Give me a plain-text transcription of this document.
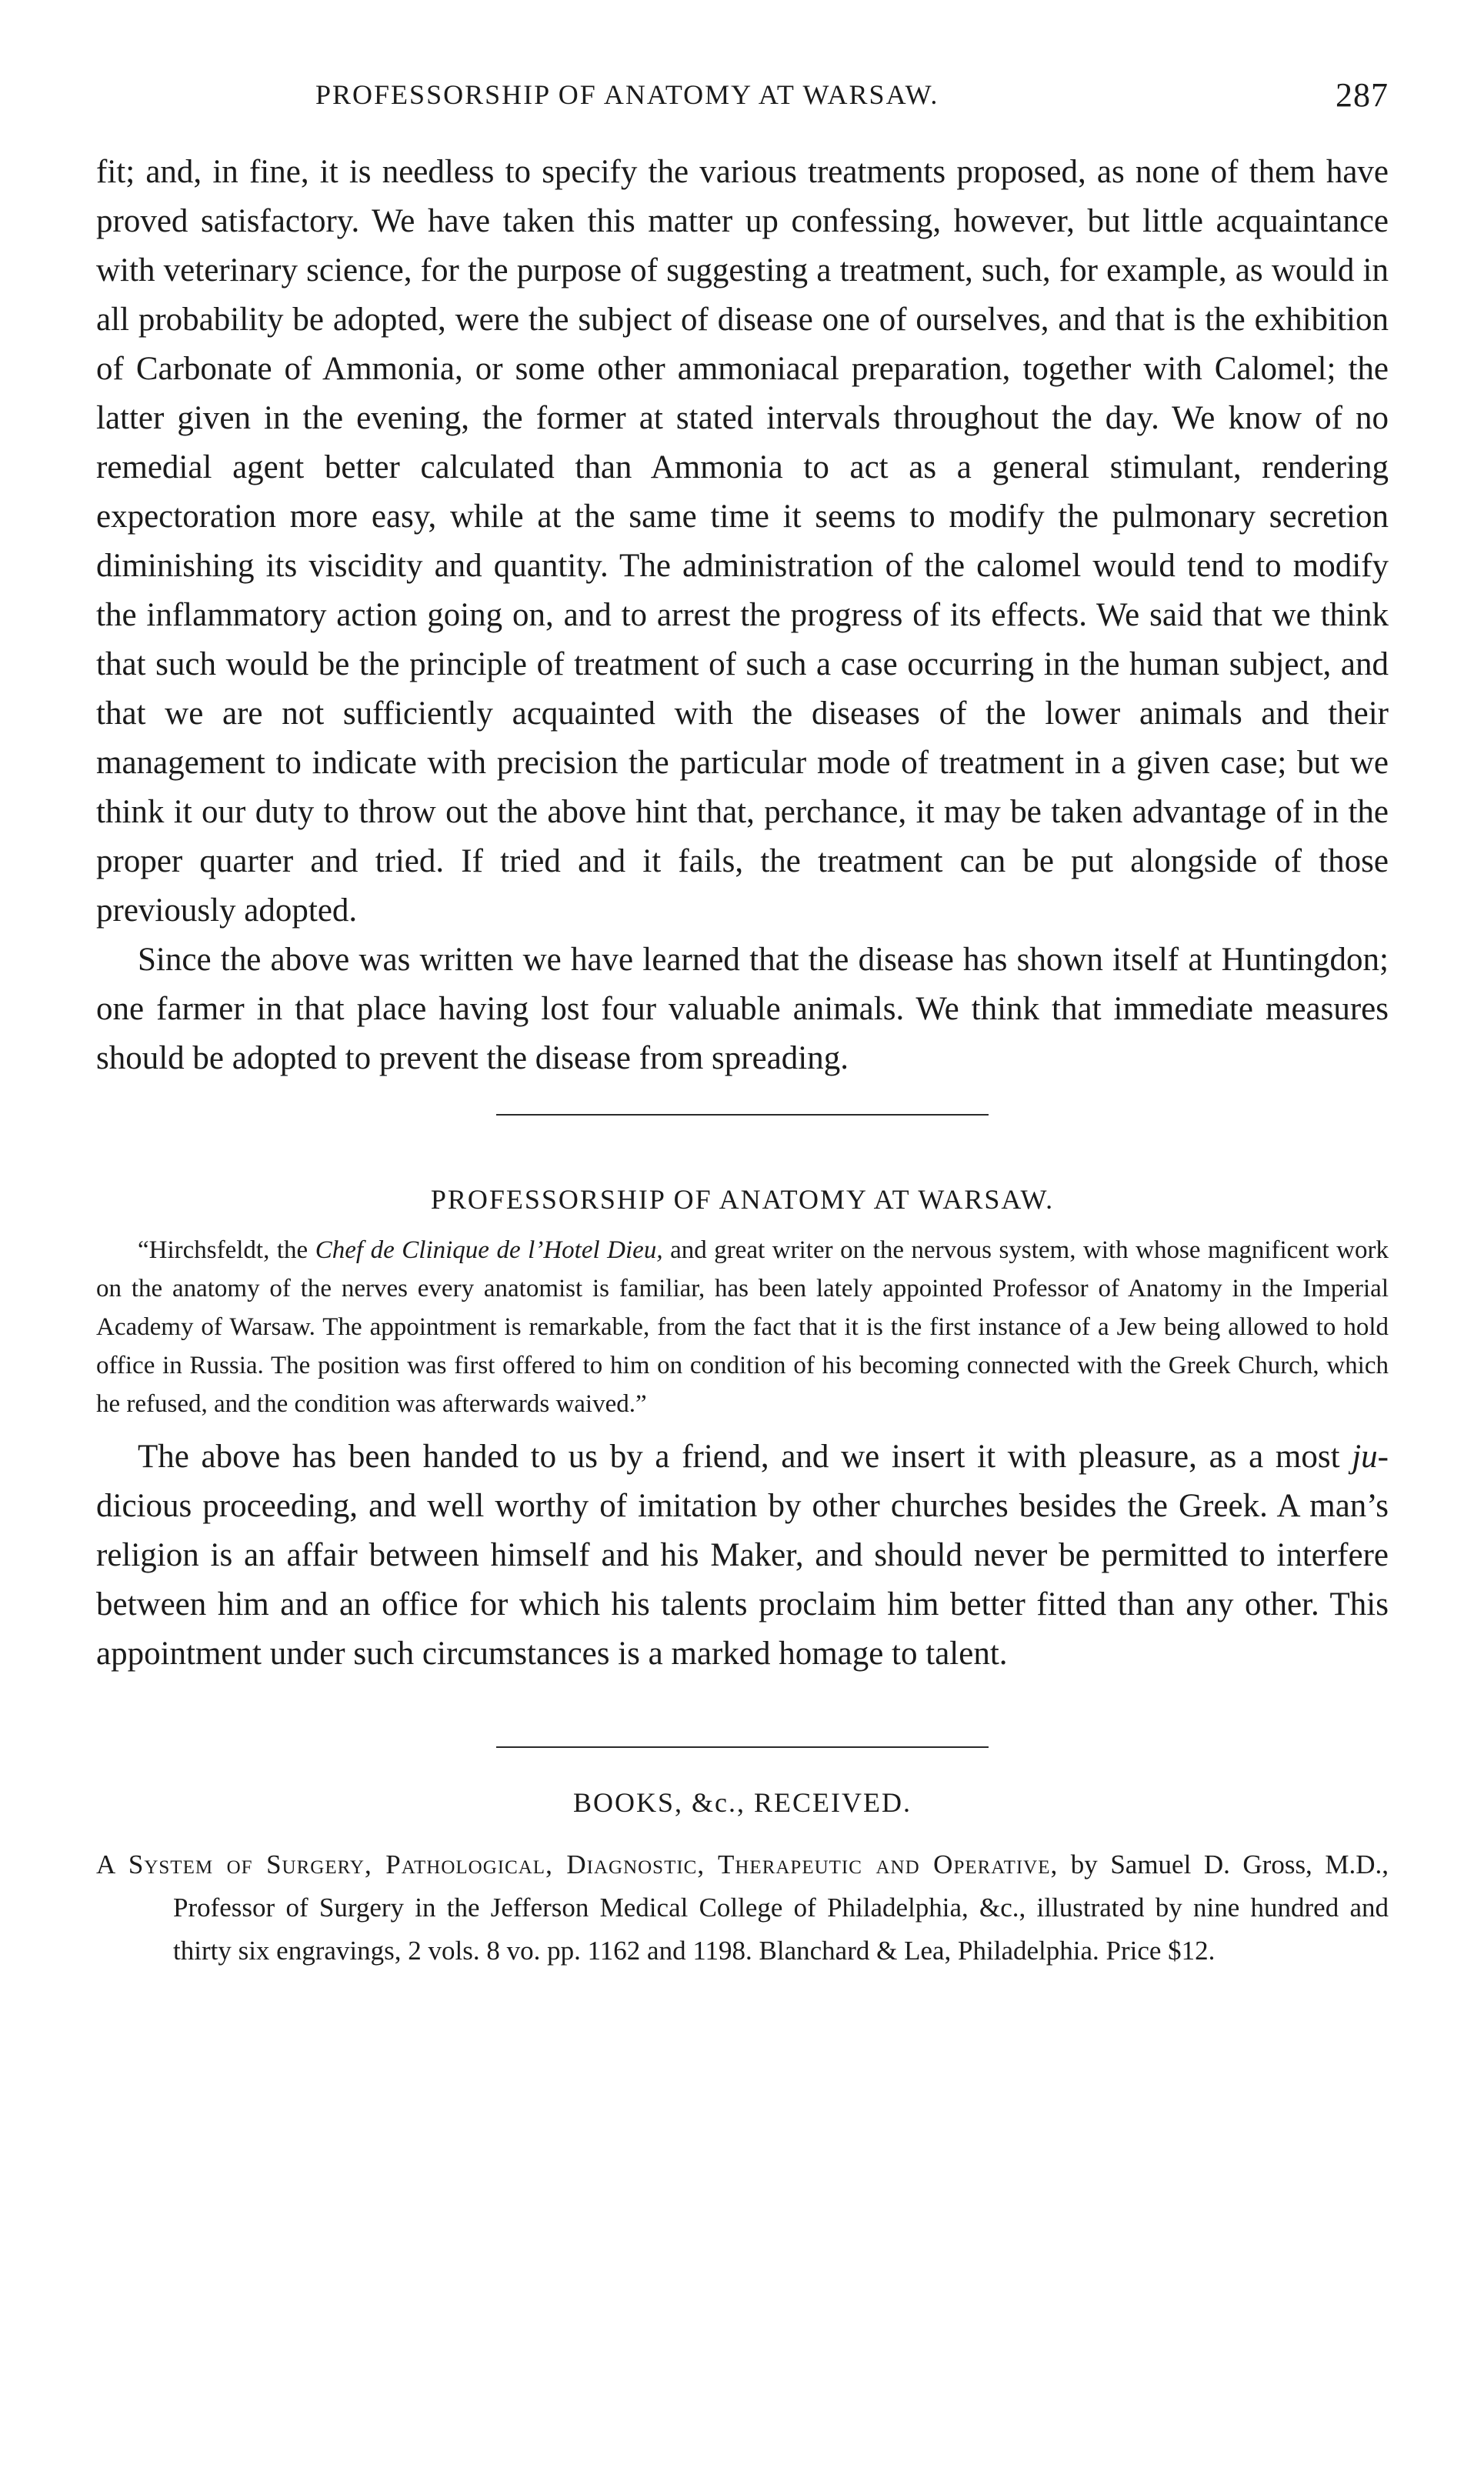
PROFESSORSHIP OF ANATOMY AT WARSAW.	287

fit; and, in fine, it is needless to specify the various treatments proposed, as none of them have proved satisfactory. We have taken this matter up confessing, however, but little acquaintance with veterinary science, for the purpose of suggesting a treatment, such, for example, as would in all probability be adopted, were the subject of disease one of ourselves, and that is the exhibition of Carbonate of Ammonia, or some other ammoniacal preparation, together with Calomel; the latter given in the evening, the former at stated intervals throughout the day. We know of no remedial agent better calculated than Ammonia to act as a general stimulant, rendering expectoration more easy, while at the same time it seems to modify the pulmonary secretion diminishing its viscidity and quantity. The administration of the calomel would tend to modify the inflammatory action going on, and to arrest the progress of its effects. We said that we think that such would be the principle of treatment of such a case occurring in the human subject, and that we are not sufficiently acquainted with the diseases of the lower animals and their management to indicate with precision the particular mode of treatment in a given case; but we think it our duty to throw out the above hint that, perchance, it may be taken advantage of in the proper quarter and tried. If tried and it fails, the treatment can be put alongside of those previously adopted.

Since the above was written we have learned that the disease has shown itself at Huntingdon; one farmer in that place having lost four valuable animals. We think that immediate measures should be adopted to prevent the disease from spreading.

PROFESSORSHIP OF ANATOMY AT WARSAW.

“Hirchsfeldt, the Chef de Clinique de l’Hotel Dieu, and great writer on the nervous system, with whose magnificent work on the anatomy of the nerves every anatomist is familiar, has been lately appointed Professor of Anatomy in the Imperial Academy of Warsaw. The appointment is remarkable, from the fact that it is the first instance of a Jew being allowed to hold office in Russia. The position was first offered to him on condition of his becoming connected with the Greek Church, which he refused, and the condition was afterwards waived.”

The above has been handed to us by a friend, and we insert it with pleasure, as a most ju-dicious proceeding, and well worthy of imitation by other churches besides the Greek. A man’s religion is an affair between himself and his Maker, and should never be permitted to interfere between him and an office for which his talents proclaim him better fitted than any other. This appointment under such circumstances is a marked homage to talent.

BOOKS, &c., RECEIVED.

A System of Surgery, Pathological, Diagnostic, Therapeutic and Operative, by Samuel D. Gross, M.D., Professor of Surgery in the Jefferson Medical College of Philadelphia, &c., illustrated by nine hundred and thirty six engravings, 2 vols. 8 vo. pp. 1162 and 1198. Blanchard & Lea, Philadelphia. Price $12.
